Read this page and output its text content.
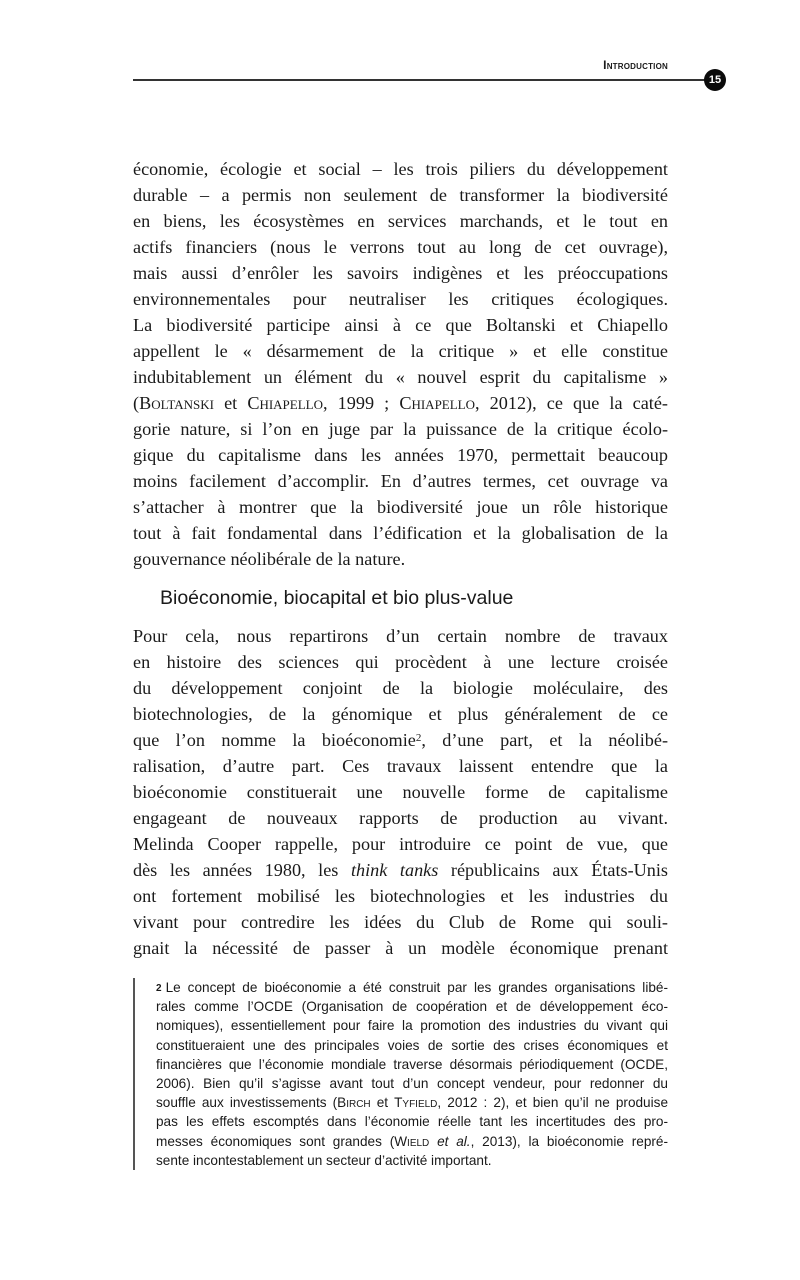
Introduction
15
économie, écologie et social – les trois piliers du développement
durable – a permis non seulement de transformer la biodiversité
en biens, les écosystèmes en services marchands, et le tout en
actifs financiers (nous le verrons tout au long de cet ouvrage),
mais aussi d’enrôler les savoirs indigènes et les préoccupations
environnementales pour neutraliser les critiques écologiques.
La biodiversité participe ainsi à ce que Boltanski et Chiapello
appellent le « désarmement de la critique » et elle constitue
indubitablement un élément du « nouvel esprit du capitalisme »
(Boltanski et Chiapello, 1999 ; Chiapello, 2012), ce que la caté-
gorie nature, si l’on en juge par la puissance de la critique écolo-
gique du capitalisme dans les années 1970, permettait beaucoup
moins facilement d’accomplir. En d’autres termes, cet ouvrage va
s’attacher à montrer que la biodiversité joue un rôle historique
tout à fait fondamental dans l’édification et la globalisation de la
gouvernance néolibérale de la nature.
Bioéconomie, biocapital et bio plus-value
Pour cela, nous repartirons d’un certain nombre de travaux
en histoire des sciences qui procèdent à une lecture croisée
du développement conjoint de la biologie moléculaire, des
biotechnologies, de la génomique et plus généralement de ce
que l’on nomme la bioéconomie$^2$, d’une part, et la néolibé-
ralisation, d’autre part. Ces travaux laissent entendre que la
bioéconomie constituerait une nouvelle forme de capitalisme
engageant de nouveaux rapports de production au vivant.
Melinda Cooper rappelle, pour introduire ce point de vue, que
dès les années 1980, les think tanks républicains aux États-Unis
ont fortement mobilisé les biotechnologies et les industries du
vivant pour contredire les idées du Club de Rome qui souli-
gnait la nécessité de passer à un modèle économique prenant
$^2$ Le concept de bioéconomie a été construit par les grandes organisations libé-
rales comme l’OCDE (Organisation de coopération et de développement éco-
nomiques), essentiellement pour faire la promotion des industries du vivant qui
constitueraient une des principales voies de sortie des crises économiques et
financières que l’économie mondiale traverse désormais périodiquement (OCDE,
2006). Bien qu’il s’agisse avant tout d’un concept vendeur, pour redonner du
souffle aux investissements (Birch et Tyfield, 2012 : 2), et bien qu’il ne produise
pas les effets escomptés dans l’économie réelle tant les incertitudes des pro-
messes économiques sont grandes (Wield et al., 2013), la bioéconomie repré-
sente incontestablement un secteur d’activité important.
